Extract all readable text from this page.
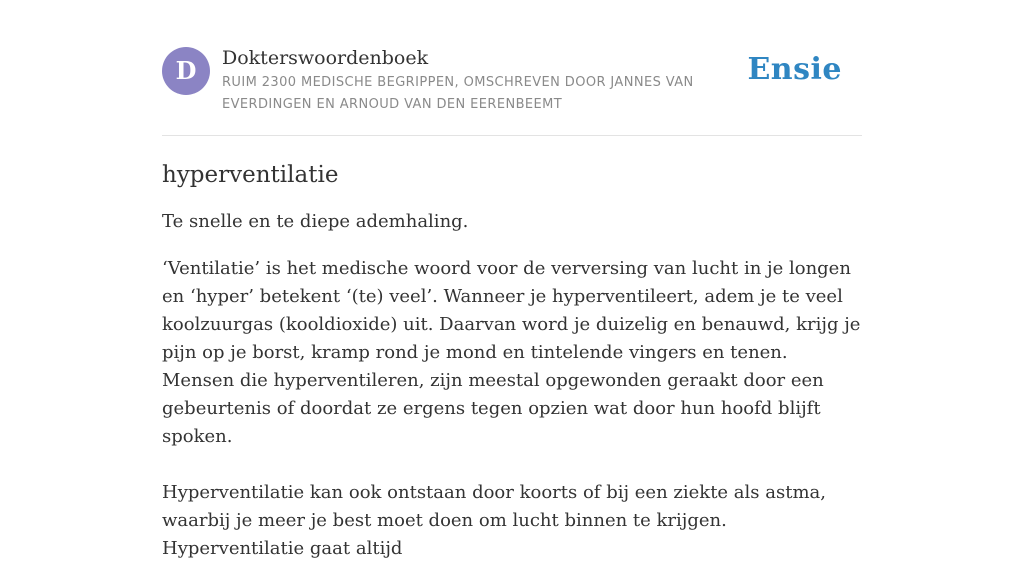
D	Dokterswoordenboek
RUIM 2300 MEDISCHE BEGRIPPEN, OMSCHREVEN DOOR JANNES VAN EVERDINGEN EN ARNOUD VAN DEN EERENBEEMT
Ensie
hyperventilatie

Te snelle en te diepe ademhaling.

‘Ventilatie’ is het medische woord voor de verversing van lucht in je longen en ‘hyper’ betekent ‘(te) veel’. Wanneer je hyperventileert, adem je te veel koolzuurgas (kooldioxide) uit. Daarvan word je duizelig en benauwd, krijg je pijn op je borst, kramp rond je mond en tintelende vingers en tenen. Mensen die hyperventileren, zijn meestal opgewonden geraakt door een gebeurtenis of doordat ze ergens tegen opzien wat door hun hoofd blijft spoken.

Hyperventilatie kan ook ontstaan door koorts of bij een ziekte als astma, waarbij je meer je best moet doen om lucht binnen te krijgen. Hyperventilatie gaat altijd
